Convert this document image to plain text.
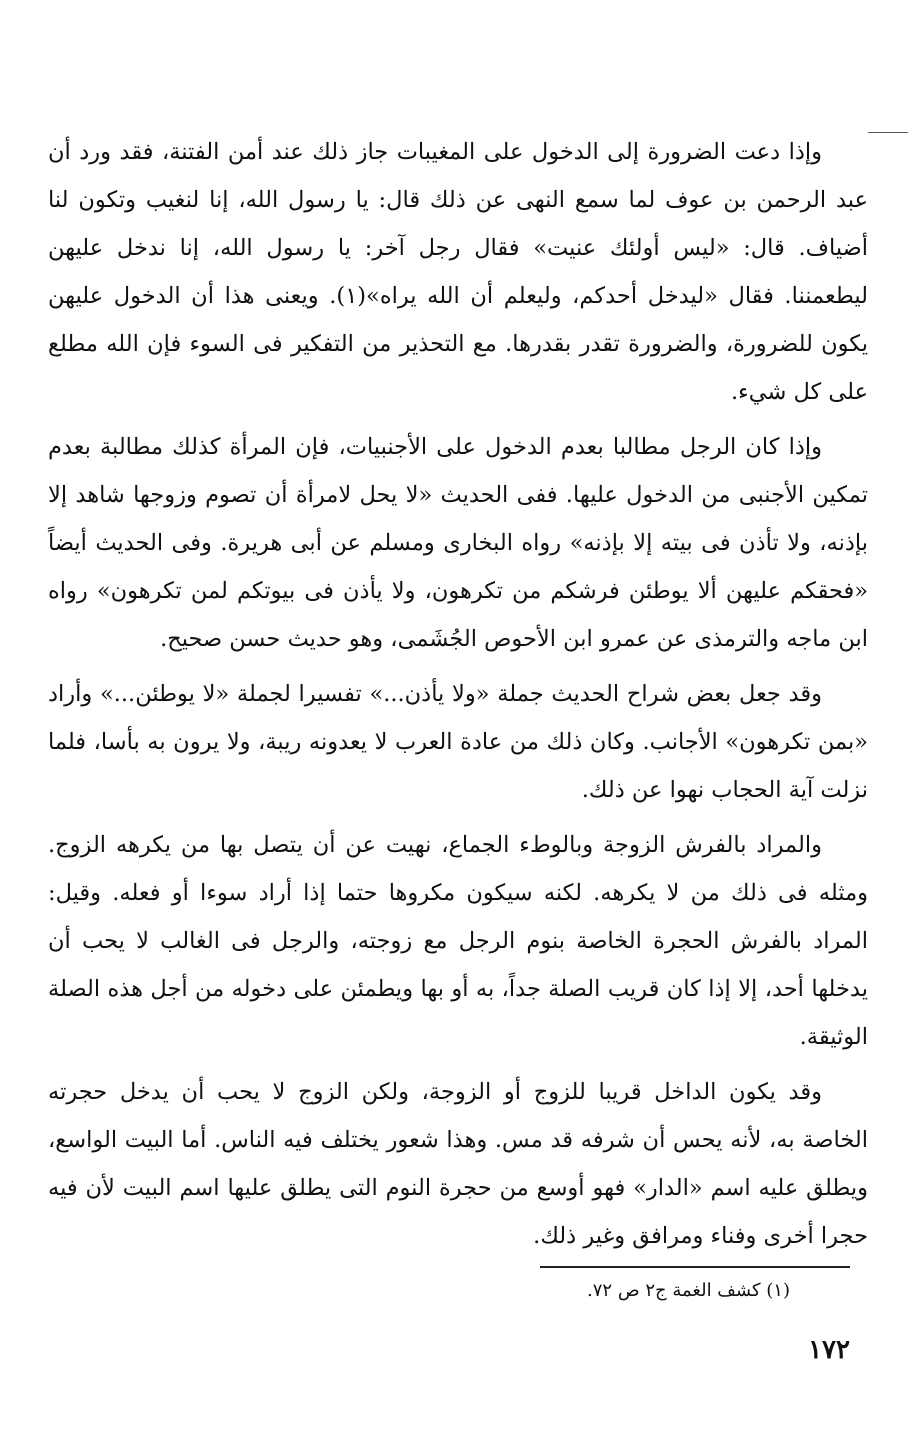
وإذا دعت الضرورة إلى الدخول على المغيبات جاز ذلك عند أمن الفتنة، فقد ورد أن عبد الرحمن بن عوف لما سمع النهى عن ذلك قال: يا رسول الله، إنا لنغيب وتكون لنا أضياف. قال: «ليس أولئك عنيت» فقال رجل آخر: يا رسول الله، إنا ندخل عليهن ليطعمننا. فقال «ليدخل أحدكم، وليعلم أن الله يراه»(١). ويعنى هذا أن الدخول عليهن يكون للضرورة، والضرورة تقدر بقدرها. مع التحذير من التفكير فى السوء فإن الله مطلع على كل شيء.

وإذا كان الرجل مطالبا بعدم الدخول على الأجنبيات، فإن المرأة كذلك مطالبة بعدم تمكين الأجنبى من الدخول عليها. ففى الحديث «لا يحل لامرأة أن تصوم وزوجها شاهد إلا بإذنه، ولا تأذن فى بيته إلا بإذنه» رواه البخارى ومسلم عن أبى هريرة. وفى الحديث أيضاً «فحقكم عليهن ألا يوطئن فرشكم من تكرهون، ولا يأذن فى بيوتكم لمن تكرهون» رواه ابن ماجه والترمذى عن عمرو ابن الأحوص الجُشَمى، وهو حديث حسن صحيح.

وقد جعل بعض شراح الحديث جملة «ولا يأذن...» تفسيرا لجملة «لا يوطئن...» وأراد «بمن تكرهون» الأجانب. وكان ذلك من عادة العرب لا يعدونه ريبة، ولا يرون به بأسا، فلما نزلت آية الحجاب نهوا عن ذلك.

والمراد بالفرش الزوجة وبالوطء الجماع، نهيت عن أن يتصل بها من يكرهه الزوج. ومثله فى ذلك من لا يكرهه. لكنه سيكون مكروها حتما إذا أراد سوءا أو فعله. وقيل: المراد بالفرش الحجرة الخاصة بنوم الرجل مع زوجته، والرجل فى الغالب لا يحب أن يدخلها أحد، إلا إذا كان قريب الصلة جداً، به أو بها ويطمئن على دخوله من أجل هذه الصلة الوثيقة.

وقد يكون الداخل قريبا للزوج أو الزوجة، ولكن الزوج لا يحب أن يدخل حجرته الخاصة به، لأنه يحس أن شرفه قد مس. وهذا شعور يختلف فيه الناس. أما البيت الواسع، ويطلق عليه اسم «الدار» فهو أوسع من حجرة النوم التى يطلق عليها اسم البيت لأن فيه حجرا أخرى وفناء ومرافق وغير ذلك.

(١) كشف الغمة ج٢ ص ٧٢.
١٧٢
